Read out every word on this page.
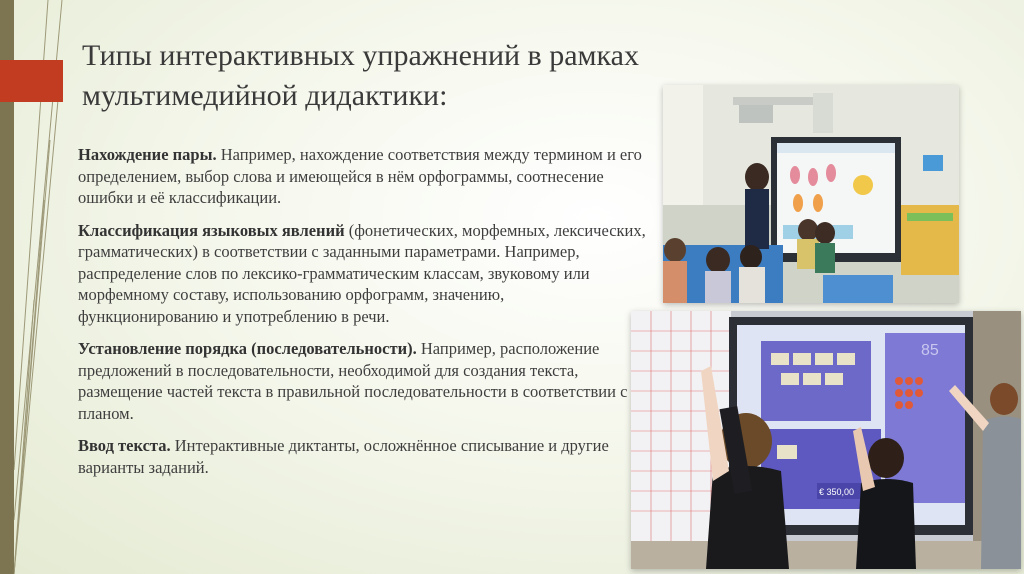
Типы интерактивных упражнений в рамках мультимедийной дидактики:

Нахождение пары. Например, нахождение соответствия между термином и его определением, выбор слова и имеющейся в нём орфограммы, соотнесение ошибки и её классификации.

Классификация языковых явлений (фонетических, морфемных, лексических, грамматических) в соответствии с заданными параметрами. Например, распределение слов по лексико-грамматическим классам, звуковому или морфемному составу, использованию орфограмм, значению, функционированию и употреблению в речи.

Установление порядка (последовательности). Например, расположение предложений в последовательности, необходимой для создания текста, размещение частей текста в правильной последовательности в соответствии с планом.

Ввод текста. Интерактивные диктанты, осложнённое списывание и другие варианты заданий.

€ 350,00
85
